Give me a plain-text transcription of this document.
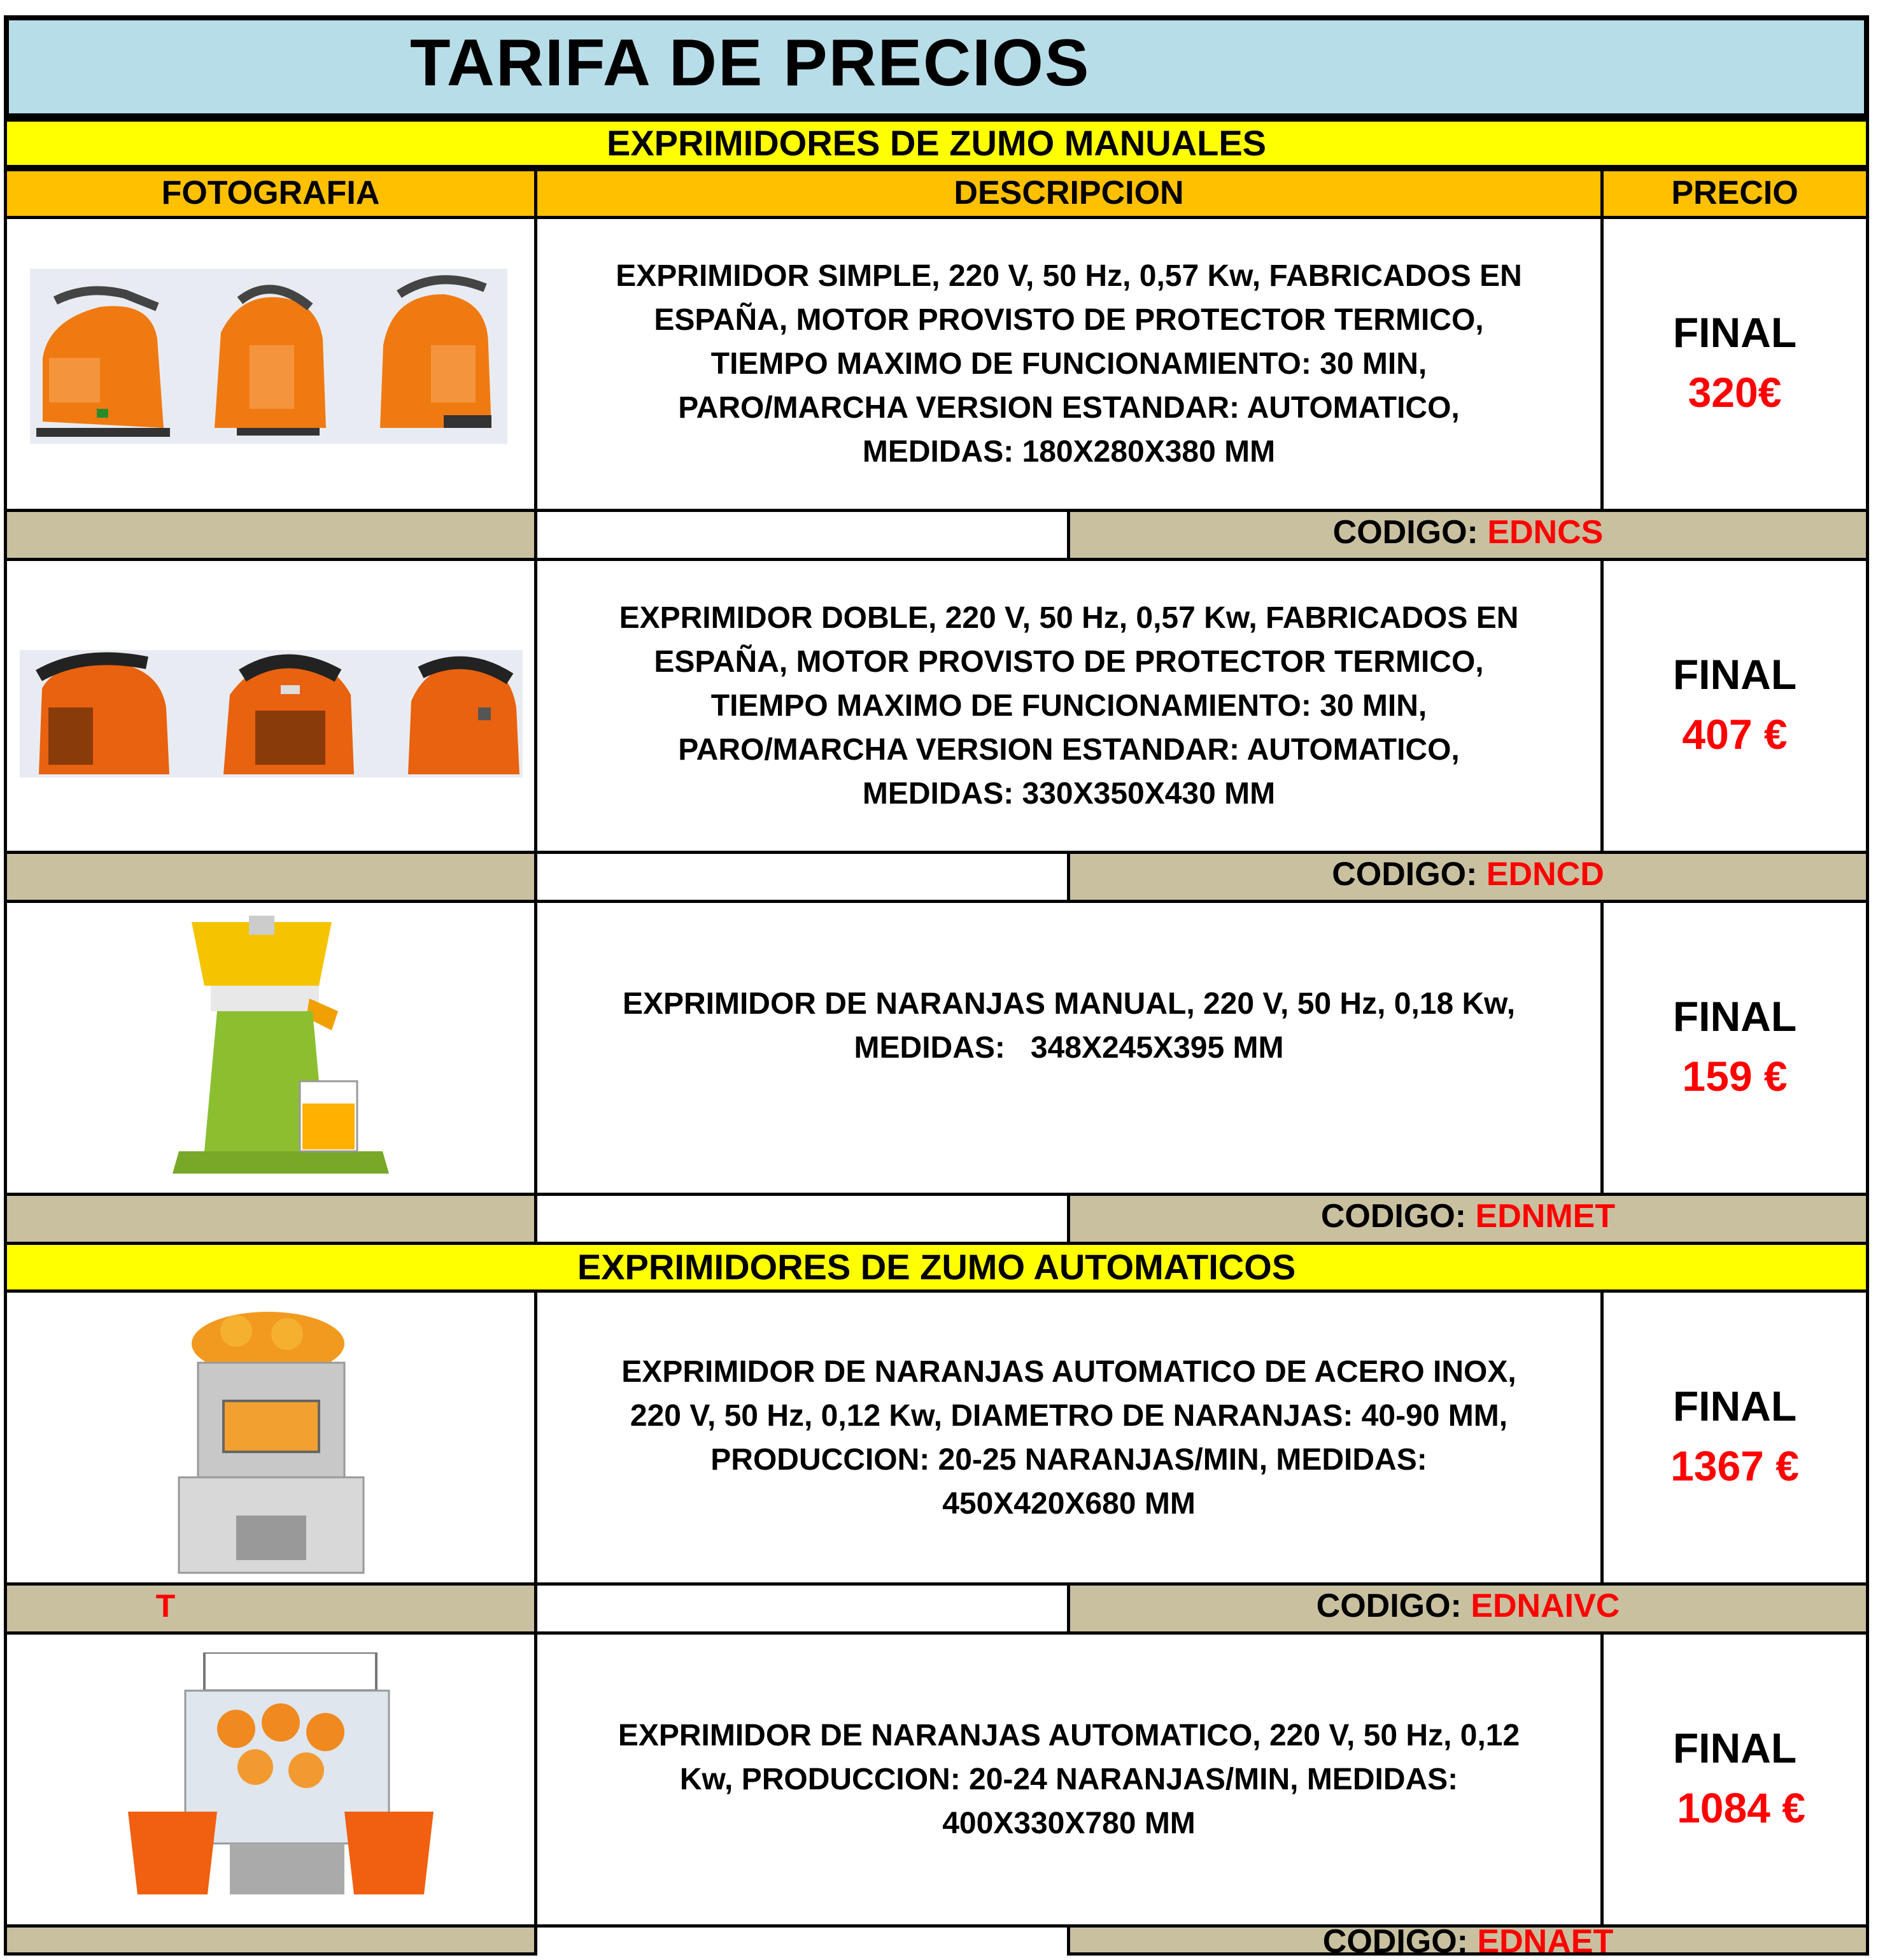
TARIFA DE PRECIOS
EXPRIMIDORES DE ZUMO MANUALES
FOTOGRAFIA	DESCRIPCION	PRECIO
EXPRIMIDOR SIMPLE, 220 V, 50 Hz, 0,57 Kw, FABRICADOS EN
ESPAÑA, MOTOR PROVISTO DE PROTECTOR TERMICO,
TIEMPO MAXIMO DE FUNCIONAMIENTO: 30 MIN,
PARO/MARCHA VERSION ESTANDAR: AUTOMATICO,
MEDIDAS: 180X280X380 MM
FINAL
320€
CODIGO: EDNCS
EXPRIMIDOR DOBLE, 220 V, 50 Hz, 0,57 Kw, FABRICADOS EN
ESPAÑA, MOTOR PROVISTO DE PROTECTOR TERMICO,
TIEMPO MAXIMO DE FUNCIONAMIENTO: 30 MIN,
PARO/MARCHA VERSION ESTANDAR: AUTOMATICO,
MEDIDAS: 330X350X430 MM
FINAL
407 €
CODIGO: EDNCD
EXPRIMIDOR DE NARANJAS MANUAL, 220 V, 50 Hz, 0,18 Kw,
MEDIDAS:   348X245X395 MM
FINAL
159 €
CODIGO: EDNMET
EXPRIMIDORES DE ZUMO AUTOMATICOS
EXPRIMIDOR DE NARANJAS AUTOMATICO DE ACERO INOX,
220 V, 50 Hz, 0,12 Kw, DIAMETRO DE NARANJAS: 40-90 MM,
PRODUCCION: 20-25 NARANJAS/MIN, MEDIDAS:
450X420X680 MM
FINAL
1367 €
T	CODIGO: EDNAIVC
EXPRIMIDOR DE NARANJAS AUTOMATICO, 220 V, 50 Hz, 0,12
Kw, PRODUCCION: 20-24 NARANJAS/MIN, MEDIDAS:
400X330X780 MM
FINAL
1084 €
CODIGO: EDNAET
